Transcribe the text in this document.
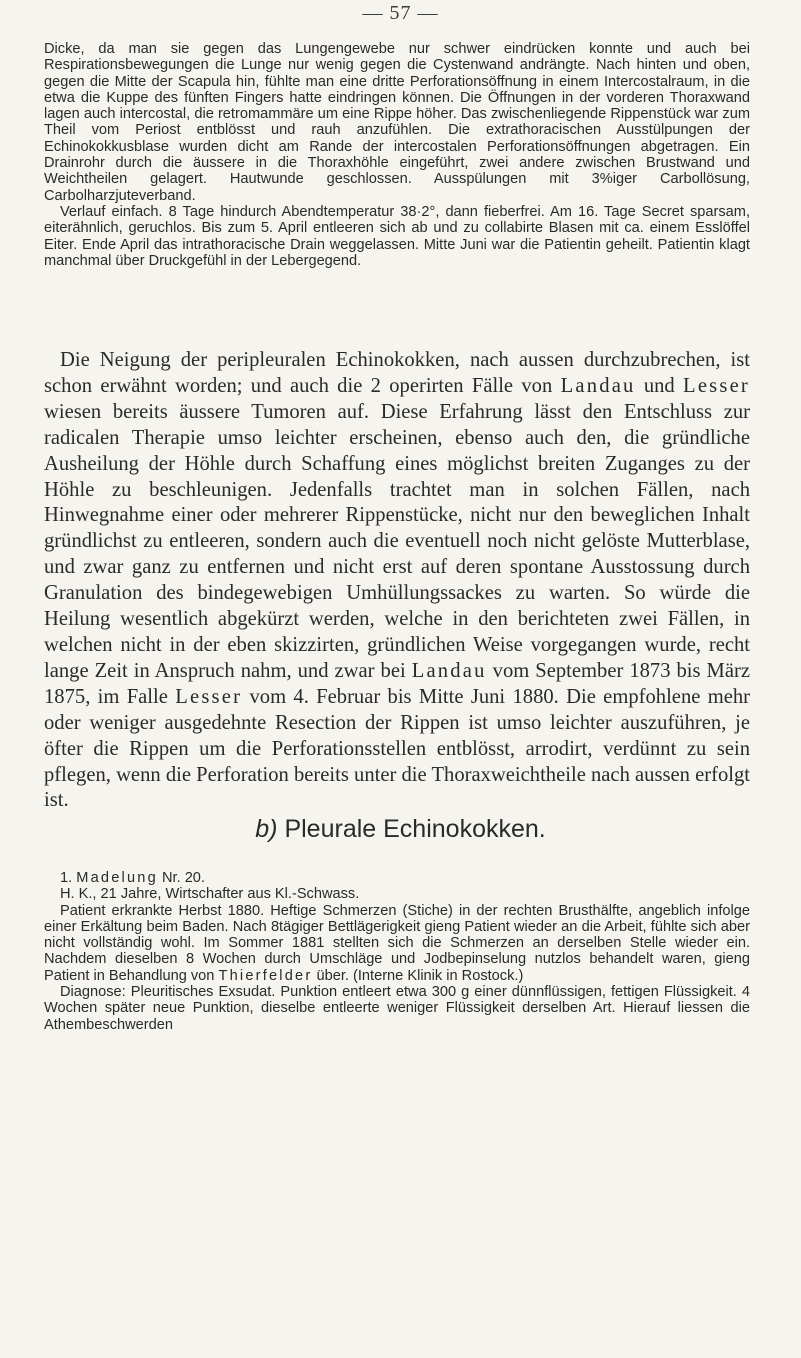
— 57 —

Dicke, da man sie gegen das Lungengewebe nur schwer eindrücken konnte und auch bei Respirationsbewegungen die Lunge nur wenig gegen die Cystenwand andrängte. Nach hinten und oben, gegen die Mitte der Scapula hin, fühlte man eine dritte Perforationsöffnung in einem Intercostalraum, in die etwa die Kuppe des fünften Fingers hatte eindringen können. Die Öffnungen in der vorderen Thoraxwand lagen auch intercostal, die retromammäre um eine Rippe höher. Das zwischenliegende Rippenstück war zum Theil vom Periost entblösst und rauh anzufühlen. Die extrathoracischen Ausstülpungen der Echinokokkusblase wurden dicht am Rande der intercostalen Perforationsöffnungen abgetragen. Ein Drainrohr durch die äussere in die Thoraxhöhle eingeführt, zwei andere zwischen Brustwand und Weichtheilen gelagert. Hautwunde geschlossen. Ausspülungen mit 3%iger Carbollösung, Carbolharzjuteverband.

Verlauf einfach. 8 Tage hindurch Abendtemperatur 38·2°, dann fieberfrei. Am 16. Tage Secret sparsam, eiterähnlich, geruchlos. Bis zum 5. April entleeren sich ab und zu collabirte Blasen mit ca. einem Esslöffel Eiter. Ende April das intrathoracische Drain weggelassen. Mitte Juni war die Patientin geheilt. Patientin klagt manchmal über Druckgefühl in der Lebergegend.

Die Neigung der peripleuralen Echinokokken, nach aussen durchzubrechen, ist schon erwähnt worden; und auch die 2 operirten Fälle von Landau und Lesser wiesen bereits äussere Tumoren auf. Diese Erfahrung lässt den Entschluss zur radicalen Therapie umso leichter erscheinen, ebenso auch den, die gründliche Ausheilung der Höhle durch Schaffung eines möglichst breiten Zuganges zu der Höhle zu beschleunigen. Jedenfalls trachtet man in solchen Fällen, nach Hinwegnahme einer oder mehrerer Rippenstücke, nicht nur den beweglichen Inhalt gründlichst zu entleeren, sondern auch die eventuell noch nicht gelöste Mutterblase, und zwar ganz zu entfernen und nicht erst auf deren spontane Ausstossung durch Granulation des bindegewebigen Umhüllungssackes zu warten. So würde die Heilung wesentlich abgekürzt werden, welche in den berichteten zwei Fällen, in welchen nicht in der eben skizzirten, gründlichen Weise vorgegangen wurde, recht lange Zeit in Anspruch nahm, und zwar bei Landau vom September 1873 bis März 1875, im Falle Lesser vom 4. Februar bis Mitte Juni 1880. Die empfohlene mehr oder weniger ausgedehnte Resection der Rippen ist umso leichter auszuführen, je öfter die Rippen um die Perforationsstellen entblösst, arrodirt, verdünnt zu sein pflegen, wenn die Perforation bereits unter die Thoraxweichtheile nach aussen erfolgt ist.

b) Pleurale Echinokokken.

1. Madelung Nr. 20.

H. K., 21 Jahre, Wirtschafter aus Kl.-Schwass.

Patient erkrankte Herbst 1880. Heftige Schmerzen (Stiche) in der rechten Brusthälfte, angeblich infolge einer Erkältung beim Baden. Nach 8tägiger Bettlägerigkeit gieng Patient wieder an die Arbeit, fühlte sich aber nicht vollständig wohl. Im Sommer 1881 stellten sich die Schmerzen an derselben Stelle wieder ein. Nachdem dieselben 8 Wochen durch Umschläge und Jodbepinselung nutzlos behandelt waren, gieng Patient in Behandlung von Thierfelder über. (Interne Klinik in Rostock.)

Diagnose: Pleuritisches Exsudat. Punktion entleert etwa 300 g einer dünnflüssigen, fettigen Flüssigkeit. 4 Wochen später neue Punktion, dieselbe entleerte weniger Flüssigkeit derselben Art. Hierauf liessen die Athembeschwerden
